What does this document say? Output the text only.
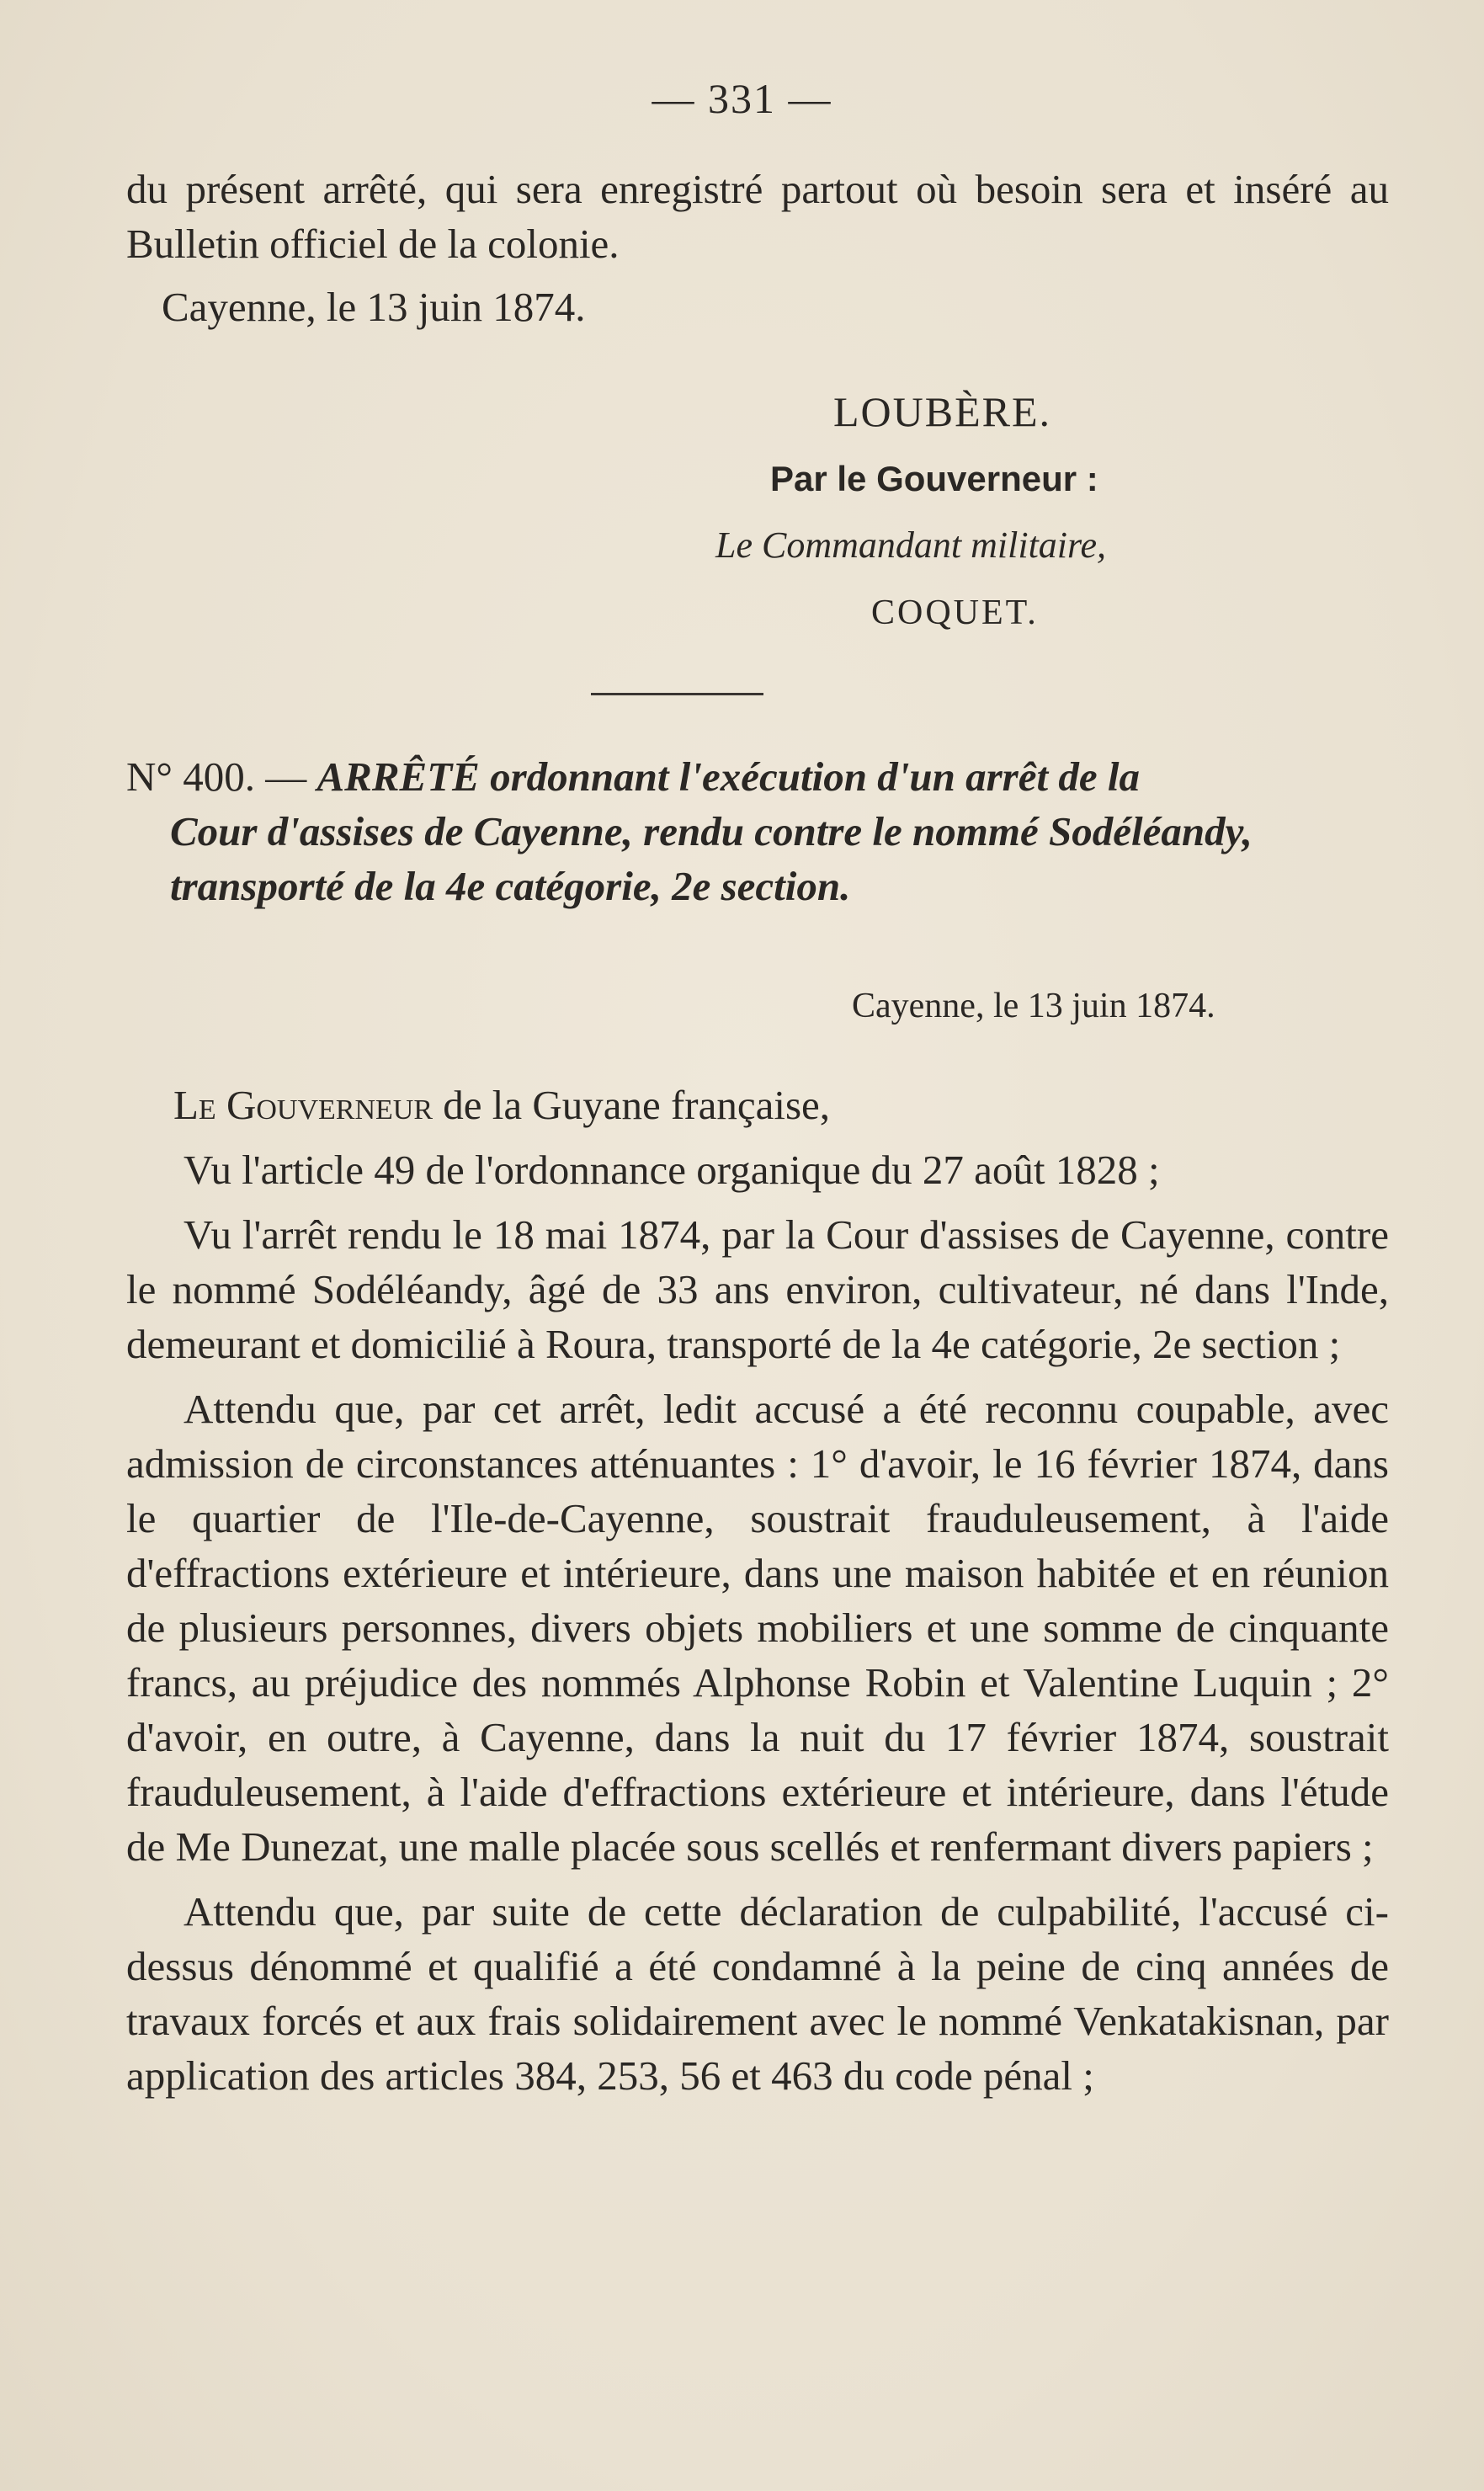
— 331 —

du présent arrêté, qui sera enregistré partout où besoin sera et inséré au Bulletin officiel de la colonie.

Cayenne, le 13 juin 1874.

LOUBÈRE.

Par le Gouverneur :

Le Commandant militaire,

COQUET.

N° 400. — ARRÊTÉ ordonnant l'exécution d'un arrêt de la

Cour d'assises de Cayenne, rendu contre le nommé Sodéléandy,

transporté de la 4e catégorie, 2e section.

Cayenne, le 13 juin 1874.

Le Gouverneur de la Guyane française,

Vu l'article 49 de l'ordonnance organique du 27 août 1828 ;

Vu l'arrêt rendu le 18 mai 1874, par la Cour d'assises de Cayenne, contre le nommé Sodéléandy, âgé de 33 ans environ, cultivateur, né dans l'Inde, demeurant et domicilié à Roura, transporté de la 4e catégorie, 2e section ;

Attendu que, par cet arrêt, ledit accusé a été reconnu coupable, avec admission de circonstances atténuantes : 1° d'avoir, le 16 février 1874, dans le quartier de l'Ile-de-Cayenne, soustrait frauduleusement, à l'aide d'effractions extérieure et intérieure, dans une maison habitée et en réunion de plusieurs personnes, divers objets mobiliers et une somme de cinquante francs, au préjudice des nommés Alphonse Robin et Valentine Luquin ; 2° d'avoir, en outre, à Cayenne, dans la nuit du 17 février 1874, soustrait frauduleusement, à l'aide d'effractions extérieure et intérieure, dans l'étude de Me Dunezat, une malle placée sous scellés et renfermant divers papiers ;

Attendu que, par suite de cette déclaration de culpabilité, l'accusé ci-dessus dénommé et qualifié a été condamné à la peine de cinq années de travaux forcés et aux frais solidairement avec le nommé Venkatakisnan, par application des articles 384, 253, 56 et 463 du code pénal ;
